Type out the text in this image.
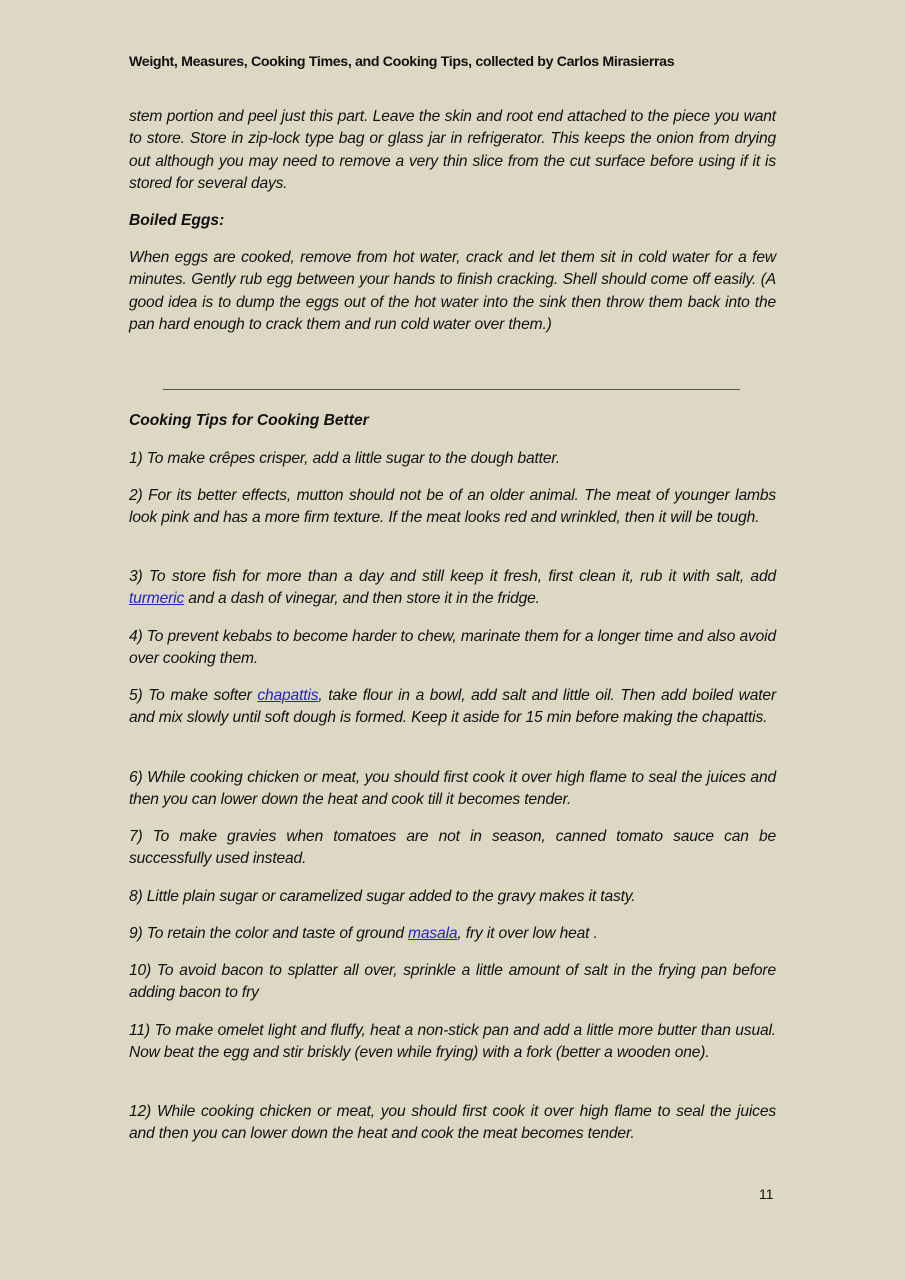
Weight, Measures, Cooking Times, and Cooking Tips, collected by Carlos Mirasierras

stem portion and peel just this part. Leave the skin and root end attached to the piece you want to store. Store in zip-lock type bag or glass jar in refrigerator. This keeps the onion from drying out although you may need to remove a very thin slice from the cut surface before using if it is stored for several days.

Boiled Eggs:

When eggs are cooked, remove from hot water, crack and let them sit in cold water for a few minutes. Gently rub egg between your hands to finish cracking. Shell should come off easily. (A good idea is to dump the eggs out of the hot water into the sink then throw them back into the pan hard enough to crack them and run cold water over them.)

Cooking Tips for Cooking Better

1) To make crêpes crisper, add a little sugar to the dough batter.

2) For its better effects, mutton should not be of an older animal. The meat of younger lambs look pink and has a more firm texture. If the meat looks red and wrinkled, then it will be tough.

3) To store fish for more than a day and still keep it fresh, first clean it, rub it with salt, add turmeric and a dash of vinegar, and then store it in the fridge.

4) To prevent kebabs to become harder to chew, marinate them for a longer time and also avoid over cooking them.

5) To make softer chapattis, take flour in a bowl, add salt and little oil. Then add boiled water and mix slowly until soft dough is formed. Keep it aside for 15 min before making the chapattis.

6) While cooking chicken or meat, you should first cook it over high flame to seal the juices and then you can lower down the heat and cook till it becomes tender.

7) To make gravies when tomatoes are not in season, canned tomato sauce can be successfully used instead.

8) Little plain sugar or caramelized sugar added to the gravy makes it tasty.

9) To retain the color and taste of ground masala, fry it over low heat .

10) To avoid bacon to splatter all over, sprinkle a little amount of salt in the frying pan before adding bacon to fry

11) To make omelet light and fluffy, heat a non-stick pan and add a little more butter than usual. Now beat the egg and stir briskly (even while frying) with a fork (better a wooden one).

12) While cooking chicken or meat, you should first cook it over high flame to seal the juices and then you can lower down the heat and cook the meat becomes tender.

11
